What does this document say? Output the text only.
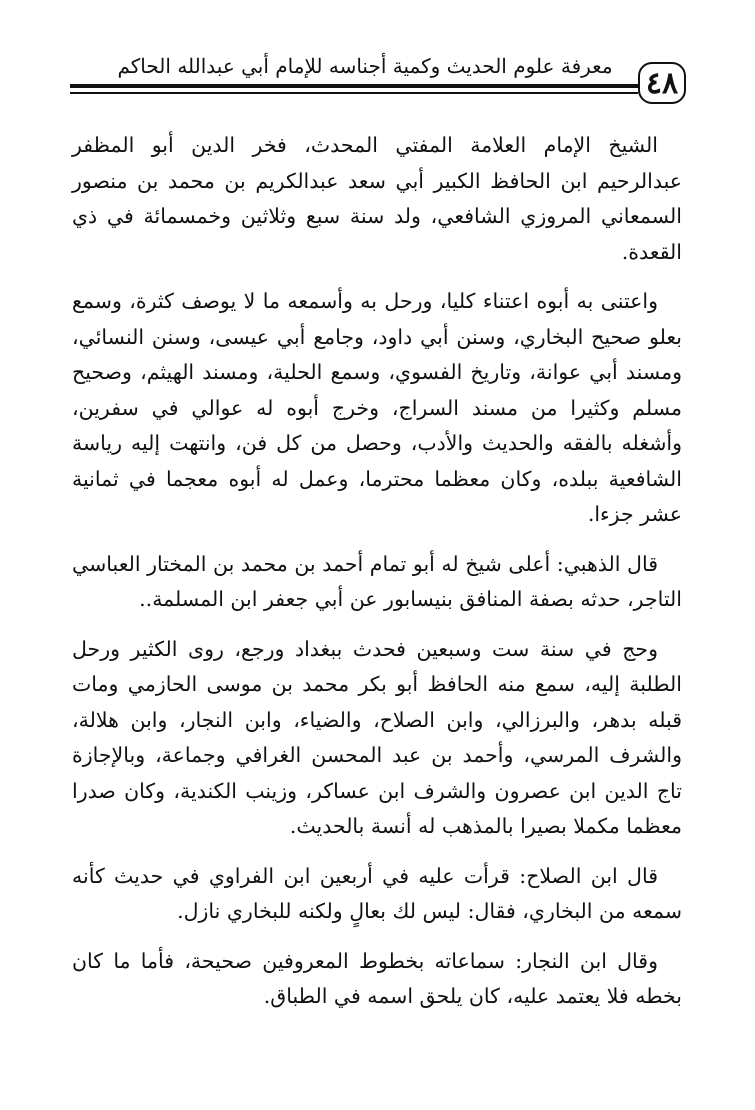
معرفة علوم الحديث وكمية أجناسه للإمام أبي عبدالله الحاكم	٤٨

الشيخ الإمام العلامة المفتي المحدث، فخر الدين أبو المظفر عبدالرحيم ابن الحافظ الكبير أبي سعد عبدالكريم بن محمد بن منصور السمعاني المروزي الشافعي، ولد سنة سبع وثلاثين وخمسمائة في ذي القعدة.

واعتنى به أبوه اعتناء كليا، ورحل به وأسمعه ما لا يوصف كثرة، وسمع بعلو صحيح البخاري، وسنن أبي داود، وجامع أبي عيسى، وسنن النسائي، ومسند أبي عوانة، وتاريخ الفسوي، وسمع الحلية، ومسند الهيثم، وصحيح مسلم وكثيرا من مسند السراج، وخرج أبوه له عوالي في سفرين، وأشغله بالفقه والحديث والأدب، وحصل من كل فن، وانتهت إليه رياسة الشافعية ببلده، وكان معظما محترما، وعمل له أبوه معجما في ثمانية عشر جزءا.

قال الذهبي: أعلى شيخ له أبو تمام أحمد بن محمد بن المختار العباسي التاجر، حدثه بصفة المنافق بنيسابور عن أبي جعفر ابن المسلمة..

وحج في سنة ست وسبعين فحدث ببغداد ورجع، روى الكثير ورحل الطلبة إليه، سمع منه الحافظ أبو بكر محمد بن موسى الحازمي ومات قبله بدهر، والبرزالي، وابن الصلاح، والضياء، وابن النجار، وابن هلالة، والشرف المرسي، وأحمد بن عبد المحسن الغرافي وجماعة، وبالإجازة تاج الدين ابن عصرون والشرف ابن عساكر، وزينب الكندية، وكان صدرا معظما مكملا بصيرا بالمذهب له أنسة بالحديث.

قال ابن الصلاح: قرأت عليه في أربعين ابن الفراوي في حديث كأنه سمعه من البخاري، فقال: ليس لك بعالٍ ولكنه للبخاري نازل.

وقال ابن النجار: سماعاته بخطوط المعروفين صحيحة، فأما ما كان بخطه فلا يعتمد عليه، كان يلحق اسمه في الطباق.
